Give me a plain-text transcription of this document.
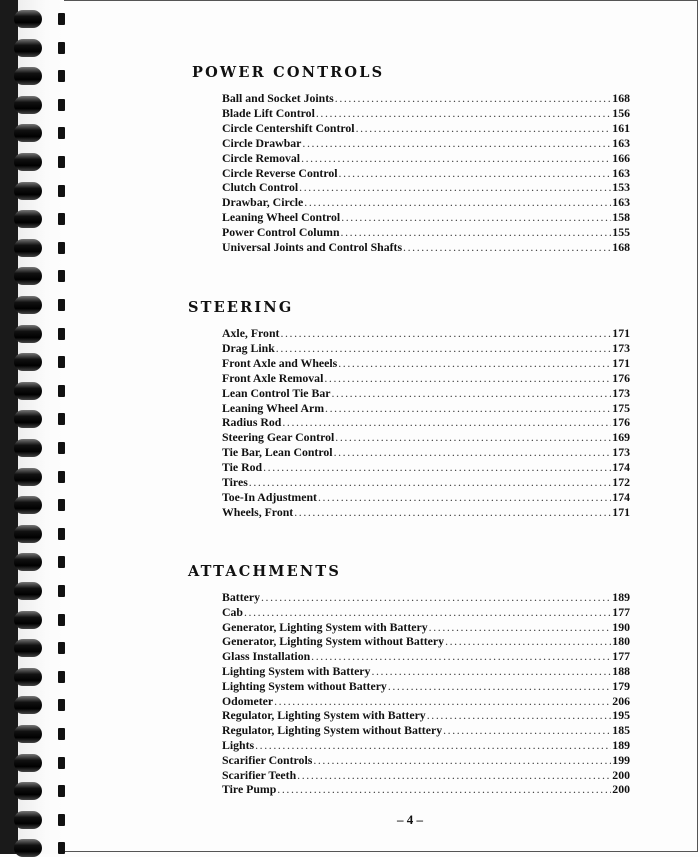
POWER CONTROLS
Ball and Socket Joints .....	168
Blade Lift Control .....	156
Circle Centershift Control .....	161
Circle Drawbar .....	163
Circle Removal .....	166
Circle Reverse Control .....	163
Clutch Control .....	153
Drawbar, Circle .....	163
Leaning Wheel Control .....	158
Power Control Column .....	155
Universal Joints and Control Shafts .....	168
STEERING
Axle, Front .....	171
Drag Link .....	173
Front Axle and Wheels .....	171
Front Axle Removal .....	176
Lean Control Tie Bar .....	173
Leaning Wheel Arm .....	175
Radius Rod .....	176
Steering Gear Control .....	169
Tie Bar, Lean Control .....	173
Tie Rod .....	174
Tires .....	172
Toe-In Adjustment .....	174
Wheels, Front .....	171
ATTACHMENTS
Battery .....	189
Cab .....	177
Generator, Lighting System with Battery .....	190
Generator, Lighting System without Battery .....	180
Glass Installation .....	177
Lighting System with Battery .....	188
Lighting System without Battery .....	179
Odometer .....	206
Regulator, Lighting System with Battery .....	195
Regulator, Lighting System without Battery .....	185
Lights .....	189
Scarifier Controls .....	199
Scarifier Teeth .....	200
Tire Pump .....	200
– 4 –
